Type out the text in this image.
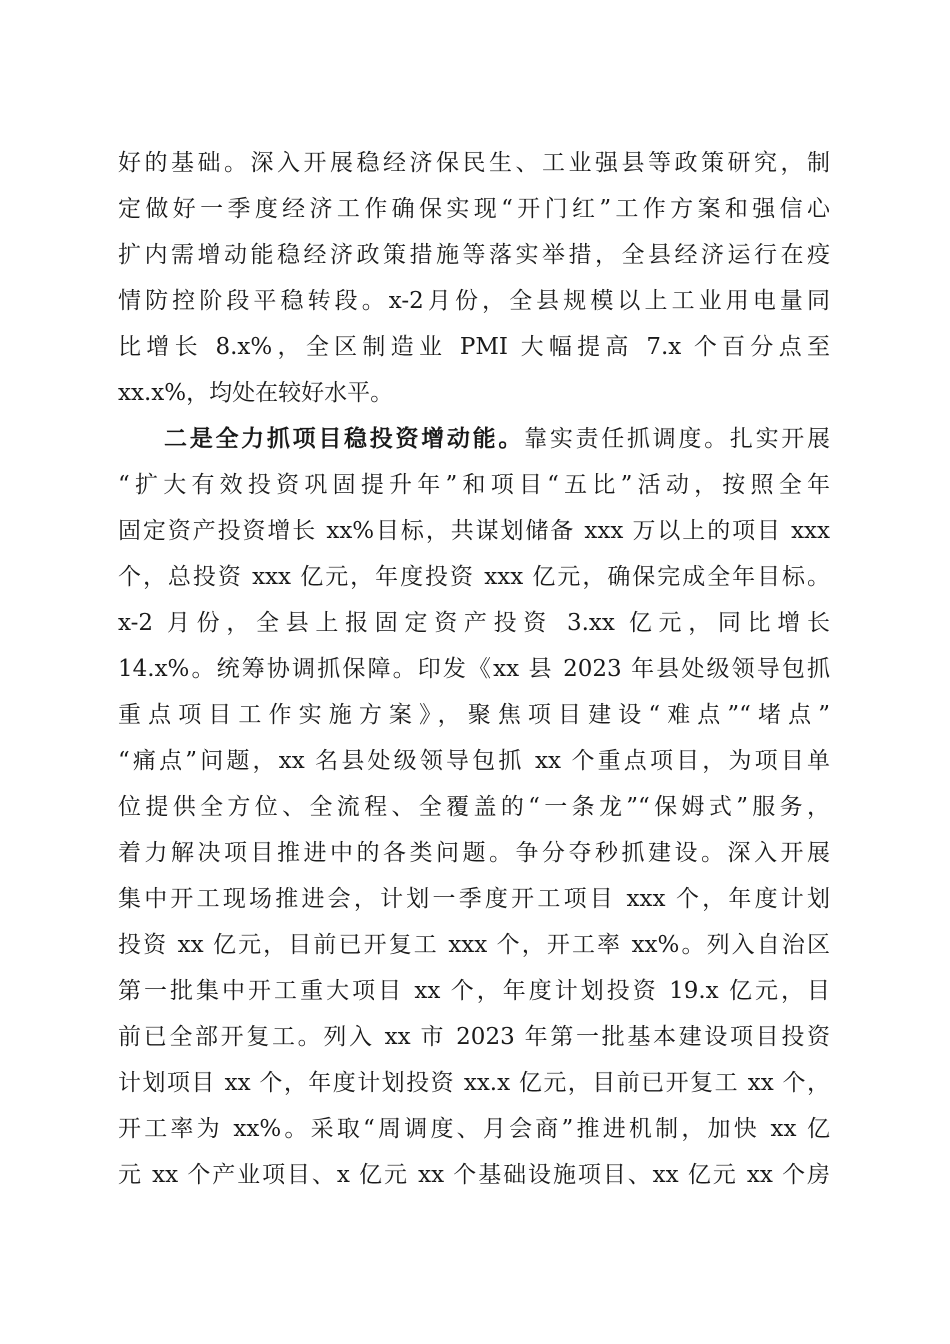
好的基础。深入开展稳经济保民生、工业强县等政策研究，制
定做好一季度经济工作确保实现“开门红”工作方案和强信心
扩内需增动能稳经济政策措施等落实举措，全县经济运行在疫
情防控阶段平稳转段。x-2月份，全县规模以上工业用电量同
比增长 8.x%，全区制造业 PMI 大幅提高 7.x 个百分点至
xx.x%，均处在较好水平。
二是全力抓项目稳投资增动能。靠实责任抓调度。扎实开展
“扩大有效投资巩固提升年”和项目“五比”活动，按照全年
固定资产投资增长 xx%目标，共谋划储备 xxx 万以上的项目 xxx
个，总投资 xxx 亿元，年度投资 xxx 亿元，确保完成全年目标。
x-2 月份，全县上报固定资产投资 3.xx 亿元，同比增长
14.x%。统筹协调抓保障。印发《xx 县 2023 年县处级领导包抓
重点项目工作实施方案》，聚焦项目建设“难点”“堵点”
“痛点”问题，xx 名县处级领导包抓 xx 个重点项目，为项目单
位提供全方位、全流程、全覆盖的“一条龙”“保姆式”服务，
着力解决项目推进中的各类问题。争分夺秒抓建设。深入开展
集中开工现场推进会，计划一季度开工项目 xxx 个，年度计划
投资 xx 亿元，目前已开复工 xxx 个，开工率 xx%。列入自治区
第一批集中开工重大项目 xx 个，年度计划投资 19.x 亿元，目
前已全部开复工。列入 xx 市 2023 年第一批基本建设项目投资
计划项目 xx 个，年度计划投资 xx.x 亿元，目前已开复工 xx 个，
开工率为 xx%。采取“周调度、月会商”推进机制，加快 xx 亿
元 xx 个产业项目、x 亿元 xx 个基础设施项目、xx 亿元 xx 个房
